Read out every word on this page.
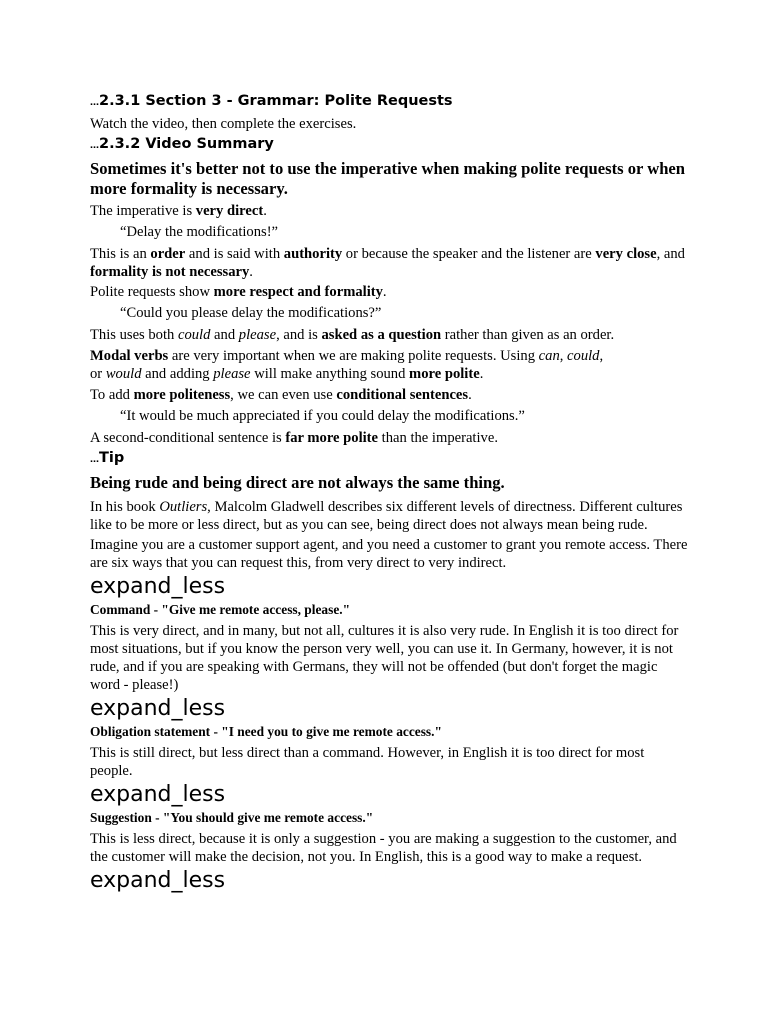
…2.3.1 Section 3 - Grammar: Polite Requests

Watch the video, then complete the exercises.

…2.3.2 Video Summary

Sometimes it's better not to use the imperative when making polite requests or when more formality is necessary.

The imperative is very direct.

“Delay the modifications!”

This is an order and is said with authority or because the speaker and the listener are very close, and formality is not necessary.

Polite requests show more respect and formality.

“Could you please delay the modifications?”

This uses both could and please, and is asked as a question rather than given as an order.

Modal verbs are very important when we are making polite requests. Using can, could,
or would and adding please will make anything sound more polite.

To add more politeness, we can even use conditional sentences.

“It would be much appreciated if you could delay the modifications.”

A second-conditional sentence is far more polite than the imperative.

…Tip

Being rude and being direct are not always the same thing.

In his book Outliers, Malcolm Gladwell describes six different levels of directness. Different cultures like to be more or less direct, but as you can see, being direct does not always mean being rude.

Imagine you are a customer support agent, and you need a customer to grant you remote access. There are six ways that you can request this, from very direct to very indirect.

expand_less

Command - "Give me remote access, please."

This is very direct, and in many, but not all, cultures it is also very rude. In English it is too direct for most situations, but if you know the person very well, you can use it. In Germany, however, it is not rude, and if you are speaking with Germans, they will not be offended (but don't forget the magic word - please!)

expand_less

Obligation statement - "I need you to give me remote access."

This is still direct, but less direct than a command. However, in English it is too direct for most people.

expand_less

Suggestion - "You should give me remote access."

This is less direct, because it is only a suggestion - you are making a suggestion to the customer, and the customer will make the decision, not you. In English, this is a good way to make a request.

expand_less
